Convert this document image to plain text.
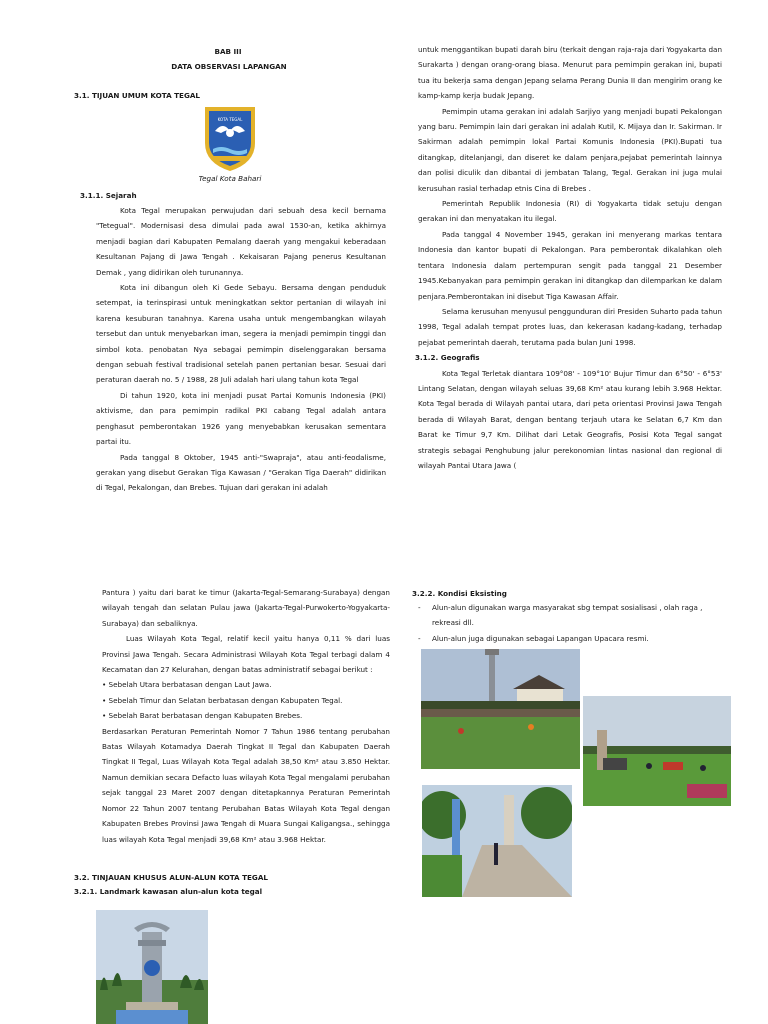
BAB III
DATA OBSERVASI LAPANGAN
3.1. TIJUAN UMUM KOTA TEGAL
KOTA TEGAL
Tegal Kota Bahari
3.1.1. Sejarah

Kota Tegal merupakan perwujudan dari sebuah desa kecil bernama "Tetegual". Modernisasi desa dimulai pada awal 1530-an, ketika akhirnya menjadi bagian dari Kabupaten Pemalang daerah yang mengakui keberadaan Kesultanan Pajang di Jawa Tengah . Kekaisaran Pajang penerus Kesultanan Demak , yang didirikan oleh turunannya.

Kota ini dibangun oleh Ki Gede Sebayu. Bersama dengan penduduk setempat, ia terinspirasi untuk meningkatkan sektor pertanian di wilayah ini karena kesuburan tanahnya. Karena usaha untuk mengembangkan wilayah tersebut dan untuk menyebarkan iman, segera ia menjadi pemimpin tinggi dan simbol kota. penobatan Nya sebagai pemimpin diselenggarakan bersama dengan sebuah festival tradisional setelah panen pertanian besar. Sesuai dari peraturan daerah no. 5 / 1988, 28 Juli adalah hari ulang tahun kota Tegal

Di tahun 1920, kota ini menjadi pusat Partai Komunis Indonesia (PKI) aktivisme, dan para pemimpin radikal PKI cabang Tegal adalah antara penghasut pemberontakan 1926 yang menyebabkan kerusakan sementara partai itu.

Pada tanggal 8 Oktober, 1945 anti-"Swapraja", atau anti-feodalisme, gerakan yang disebut Gerakan Tiga Kawasan / "Gerakan Tiga Daerah" didirikan di Tegal, Pekalongan, dan Brebes. Tujuan dari gerakan ini adalah

untuk menggantikan bupati darah biru (terkait dengan raja-raja dari Yogyakarta dan Surakarta ) dengan orang-orang biasa. Menurut para pemimpin gerakan ini, bupati tua itu bekerja sama dengan Jepang selama Perang Dunia II dan mengirim orang ke kamp-kamp kerja budak Jepang.

Pemimpin utama gerakan ini adalah Sarjiyo yang menjadi bupati Pekalongan yang baru. Pemimpin lain dari gerakan ini adalah Kutil, K. Mijaya dan Ir. Sakirman. Ir Sakirman adalah pemimpin lokal Partai Komunis Indonesia (PKI).Bupati tua ditangkap, ditelanjangi, dan diseret ke dalam penjara,pejabat pemerintah lainnya dan polisi diculik dan dibantai di jembatan Talang, Tegal. Gerakan ini juga mulai kerusuhan rasial terhadap etnis Cina di Brebes .

Pemerintah Republik Indonesia (RI) di Yogyakarta tidak setuju dengan gerakan ini dan menyatakan itu ilegal.

Pada tanggal 4 November 1945, gerakan ini menyerang markas tentara Indonesia dan kantor bupati di Pekalongan. Para pemberontak dikalahkan oleh tentara Indonesia dalam pertempuran sengit pada tanggal 21 Desember 1945.Kebanyakan para pemimpin gerakan ini ditangkap dan dilemparkan ke dalam penjara.Pemberontakan ini disebut Tiga Kawasan Affair.

Selama kerusuhan menyusul penggunduran diri Presiden Suharto pada tahun 1998, Tegal adalah tempat protes luas, dan kekerasan kadang-kadang, terhadap pejabat pemerintah daerah, terutama pada bulan Juni 1998.

3.1.2. Geografis

Kota Tegal Terletak diantara 109°08' - 109°10' Bujur Timur dan 6°50' - 6°53' Lintang Selatan, dengan wilayah seluas 39,68 Km² atau kurang lebih 3.968 Hektar. Kota Tegal berada di Wilayah pantai utara, dari peta orientasi Provinsi Jawa Tengah berada di Wilayah Barat, dengan bentang terjauh utara ke Selatan 6,7 Km dan Barat ke Timur 9,7 Km. Dilihat dari Letak Geografis, Posisi Kota Tegal sangat strategis sebagai Penghubung jalur perekonomian lintas nasional dan regional di wilayah Pantai Utara Jawa (

Pantura ) yaitu dari barat ke timur (Jakarta-Tegal-Semarang-Surabaya) dengan wilayah tengah dan selatan Pulau jawa (Jakarta-Tegal-Purwokerto-Yogyakarta-Surabaya) dan sebaliknya.

Luas Wilayah Kota Tegal, relatif kecil yaitu hanya 0,11 % dari luas Provinsi Jawa Tengah. Secara Administrasi Wilayah Kota Tegal terbagi dalam 4 Kecamatan dan 27 Kelurahan, dengan batas administratif sebagai berikut :

• Sebelah Utara berbatasan dengan Laut Jawa.

• Sebelah Timur dan Selatan berbatasan dengan Kabupaten Tegal.

• Sebelah Barat berbatasan dengan Kabupaten Brebes.

Berdasarkan Peraturan Pemerintah Nomor 7 Tahun 1986 tentang perubahan Batas Wilayah Kotamadya Daerah Tingkat II Tegal dan Kabupaten Daerah Tingkat II Tegal, Luas Wilayah Kota Tegal adalah 38,50 Km² atau 3.850 Hektar. Namun demikian secara Defacto luas wilayah Kota Tegal mengalami perubahan sejak tanggal 23 Maret 2007 dengan ditetapkannya Peraturan Pemerintah Nomor 22 Tahun 2007 tentang Perubahan Batas Wilayah Kota Tegal dengan Kabupaten Brebes Provinsi Jawa Tengah di Muara Sungai Kaligangsa., sehingga luas wilayah Kota Tegal menjadi 39,68 Km² atau 3.968 Hektar.

3.2. TINJAUAN KHUSUS ALUN-ALUN KOTA TEGAL
3.2.1. Landmark kawasan alun-alun kota tegal
3.2.2. Kondisi Eksisting
-	Alun-alun digunakan warga masyarakat sbg tempat sosialisasi , olah raga , rekreasi dll.
-	Alun-alun juga digunakan sebagai Lapangan Upacara resmi.
